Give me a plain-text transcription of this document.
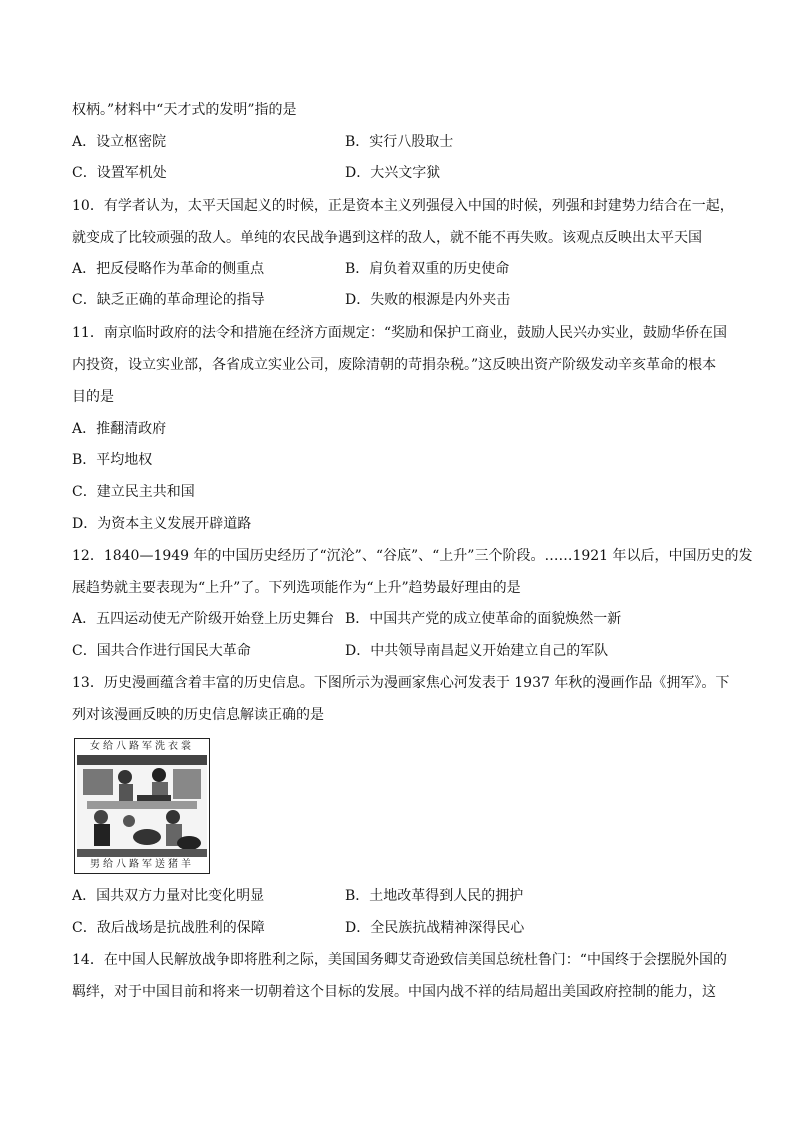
权柄。”材料中“天才式的发明”指的是
A．设立枢密院	B．实行八股取士
C．设置军机处	D．大兴文字狱
10．有学者认为，太平天国起义的时候，正是资本主义列强侵入中国的时候，列强和封建势力结合在一起，
就变成了比较顽强的敌人。单纯的农民战争遇到这样的敌人，就不能不再失败。该观点反映出太平天国
A．把反侵略作为革命的侧重点	B．肩负着双重的历史使命
C．缺乏正确的革命理论的指导	D．失败的根源是内外夹击
11．南京临时政府的法令和措施在经济方面规定：“奖励和保护工商业，鼓励人民兴办实业，鼓励华侨在国
内投资，设立实业部，各省成立实业公司，废除清朝的苛捐杂税。”这反映出资产阶级发动辛亥革命的根本
目的是
A．推翻清政府
B．平均地权
C．建立民主共和国
D．为资本主义发展开辟道路
12．1840—1949 年的中国历史经历了“沉沦”、“谷底”、“上升”三个阶段。……1921 年以后，中国历史的发
展趋势就主要表现为“上升”了。下列选项能作为“上升”趋势最好理由的是
A．五四运动使无产阶级开始登上历史舞台 B．中国共产党的成立使革命的面貌焕然一新
C．国共合作进行国民大革命	D．中共领导南昌起义开始建立自己的军队
13．历史漫画蕴含着丰富的历史信息。下图所示为漫画家焦心河发表于 1937 年秋的漫画作品《拥军》。下
列对该漫画反映的历史信息解读正确的是
女给八路军洗衣裳
男给八路军送猪羊
A．国共双方力量对比变化明显	B．土地改革得到人民的拥护
C．敌后战场是抗战胜利的保障	D．全民族抗战精神深得民心
14．在中国人民解放战争即将胜利之际，美国国务卿艾奇逊致信美国总统杜鲁门：“中国终于会摆脱外国的
羁绊，对于中国目前和将来一切朝着这个目标的发展。中国内战不祥的结局超出美国政府控制的能力，这
